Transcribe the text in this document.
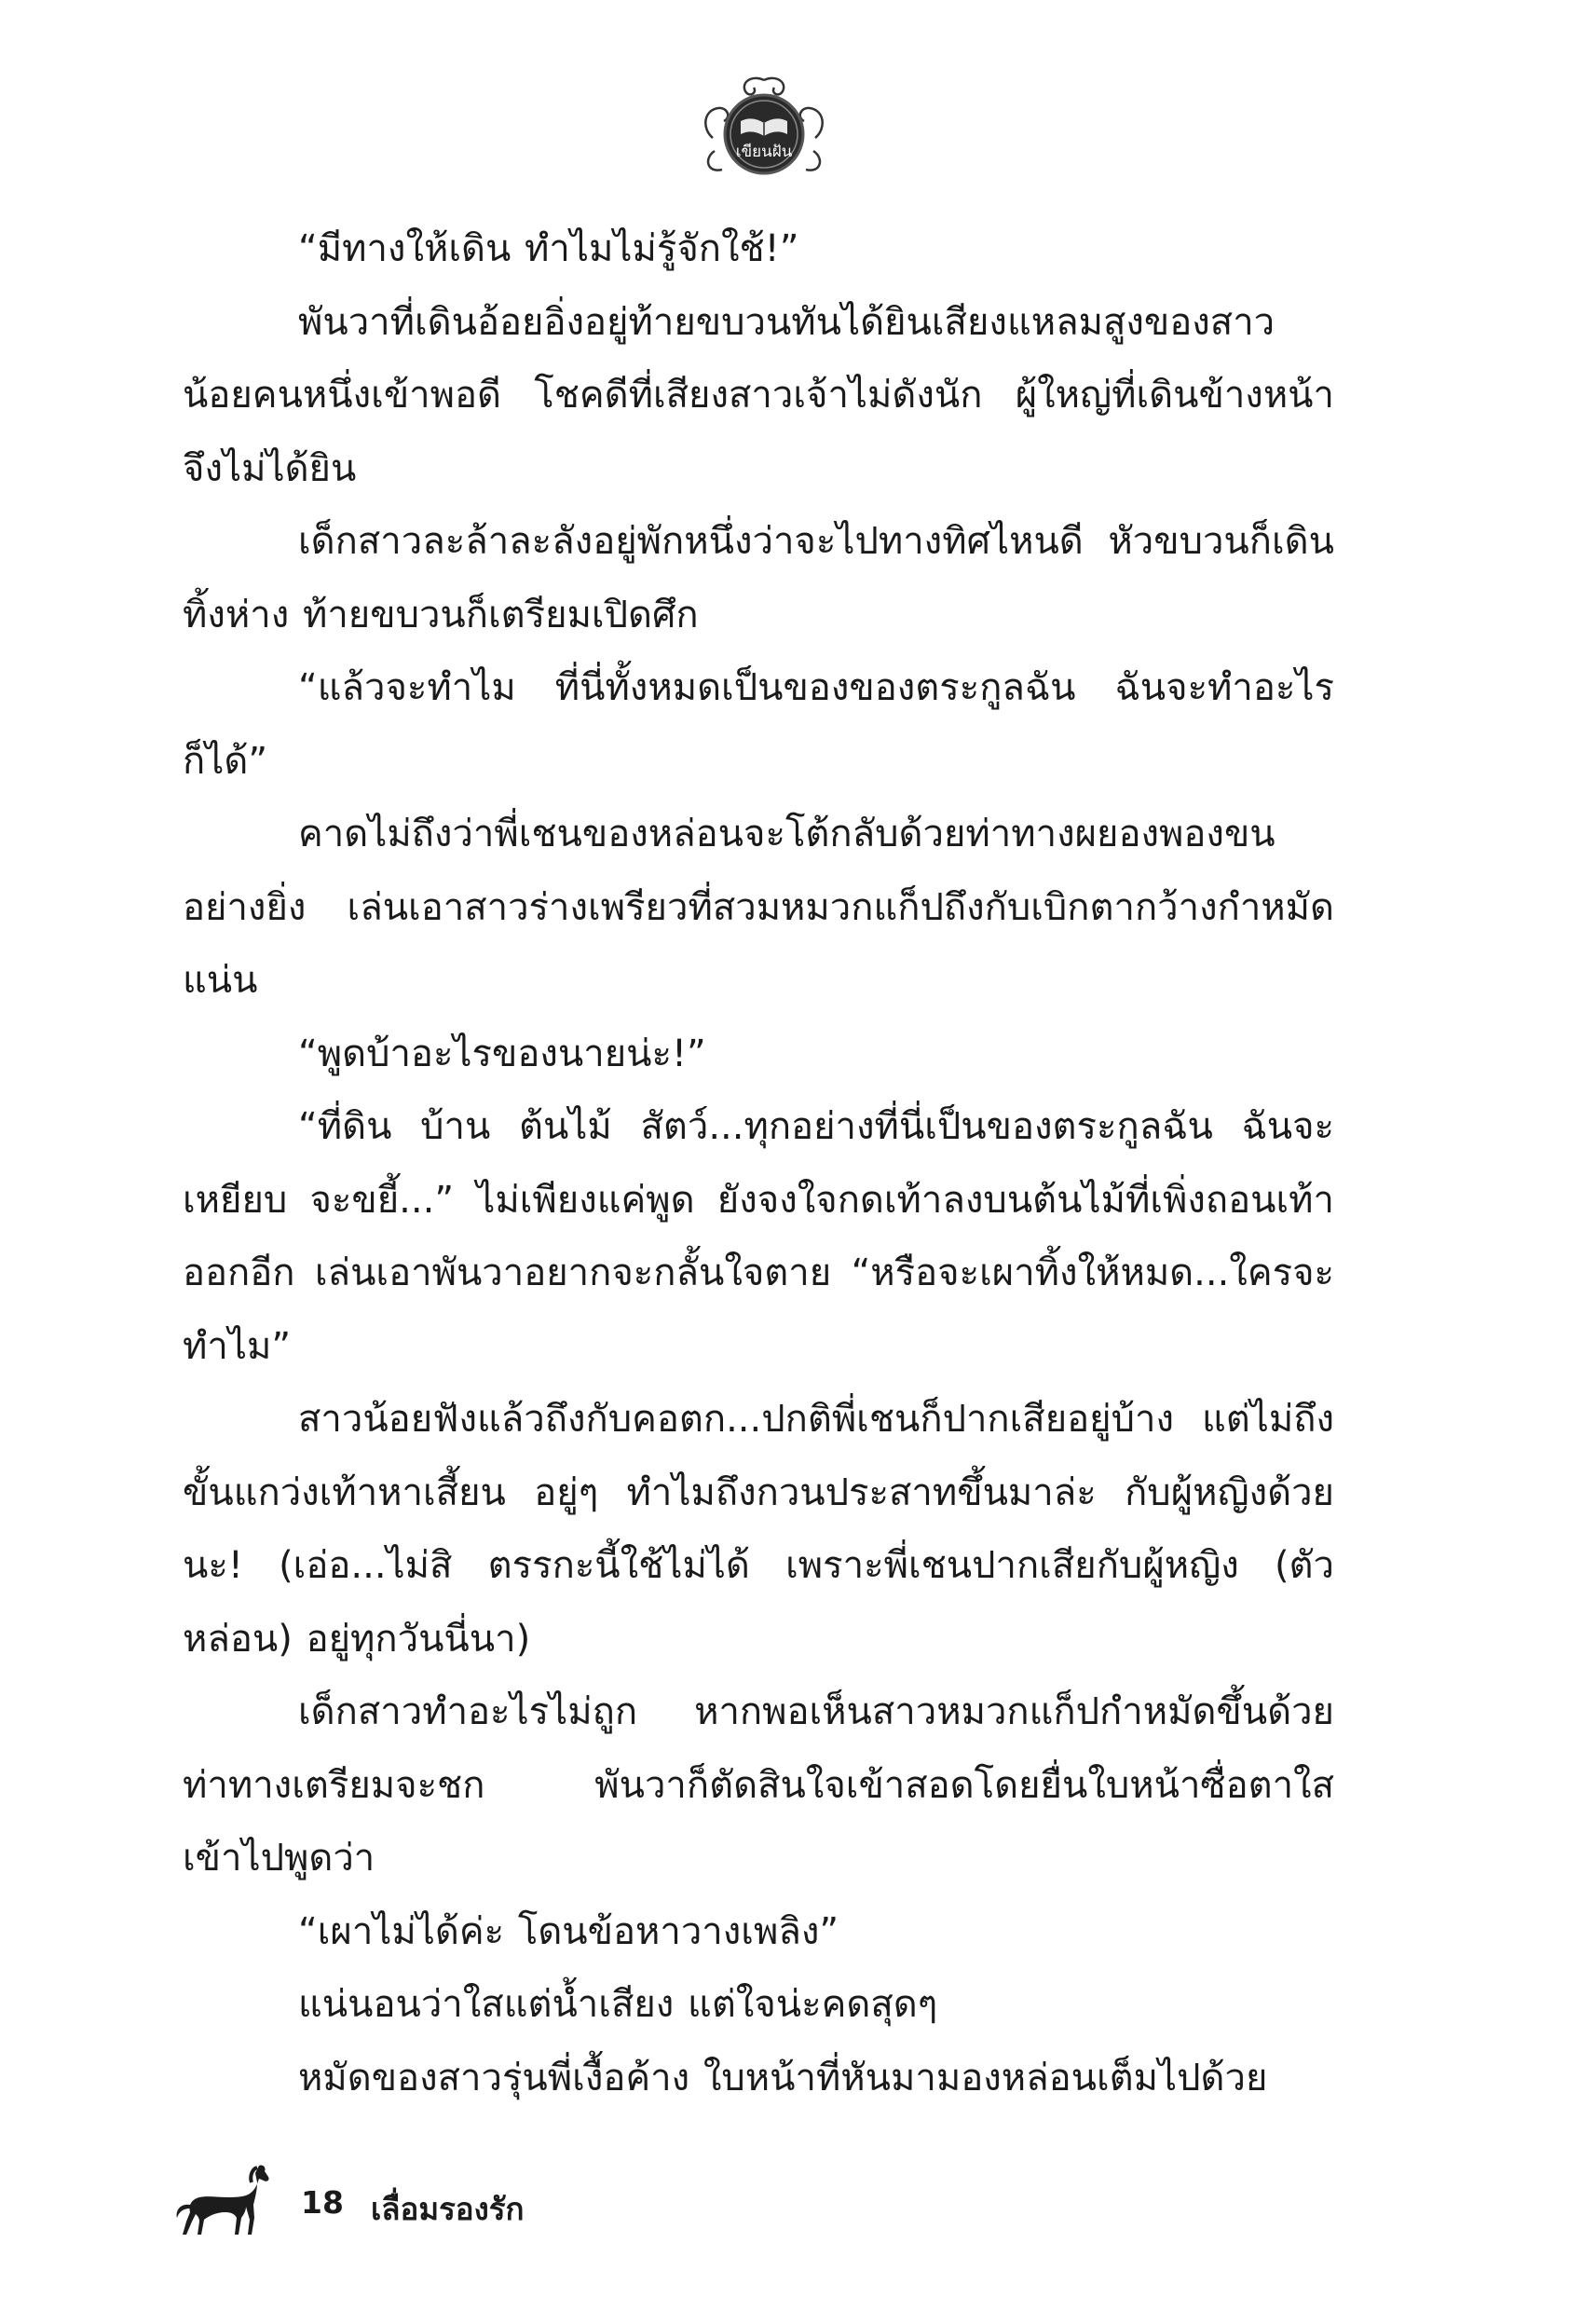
เขียนฝัน

“มีทางให้เดิน ทำไมไม่รู้จักใช้!”

พันวาที่เดินอ้อยอิ่งอยู่ท้ายขบวนทันได้ยินเสียงแหลมสูงของสาวน้อยคนหนึ่งเข้าพอดี โชคดีที่เสียงสาวเจ้าไม่ดังนัก ผู้ใหญ่ที่เดินข้างหน้าจึงไม่ได้ยิน

เด็กสาวละล้าละลังอยู่พักหนึ่งว่าจะไปทางทิศไหนดี หัวขบวนก็เดินทิ้งห่าง ท้ายขบวนก็เตรียมเปิดศึก

“แล้วจะทำไม ที่นี่ทั้งหมดเป็นของของตระกูลฉัน ฉันจะทำอะไรก็ได้”

คาดไม่ถึงว่าพี่เชนของหล่อนจะโต้กลับด้วยท่าทางผยองพองขนอย่างยิ่ง เล่นเอาสาวร่างเพรียวที่สวมหมวกแก็ปถึงกับเบิกตากว้างกำหมัดแน่น

“พูดบ้าอะไรของนายน่ะ!”

“ที่ดิน บ้าน ต้นไม้ สัตว์...ทุกอย่างที่นี่เป็นของตระกูลฉัน ฉันจะเหยียบ จะขยี้...” ไม่เพียงแค่พูด ยังจงใจกดเท้าลงบนต้นไม้ที่เพิ่งถอนเท้าออกอีก เล่นเอาพันวาอยากจะกลั้นใจตาย “หรือจะเผาทิ้งให้หมด...ใครจะทำไม”

สาวน้อยฟังแล้วถึงกับคอตก...ปกติพี่เชนก็ปากเสียอยู่บ้าง แต่ไม่ถึงขั้นแกว่งเท้าหาเสี้ยน อยู่ๆ ทำไมถึงกวนประสาทขึ้นมาล่ะ กับผู้หญิงด้วยนะ! (เอ่อ...ไม่สิ ตรรกะนี้ใช้ไม่ได้ เพราะพี่เชนปากเสียกับผู้หญิง (ตัวหล่อน) อยู่ทุกวันนี่นา)

เด็กสาวทำอะไรไม่ถูก หากพอเห็นสาวหมวกแก็ปกำหมัดขึ้นด้วยท่าทางเตรียมจะชก พันวาก็ตัดสินใจเข้าสอดโดยยื่นใบหน้าซื่อตาใสเข้าไปพูดว่า

“เผาไม่ได้ค่ะ โดนข้อหาวางเพลิง”

แน่นอนว่าใสแต่น้ำเสียง แต่ใจน่ะคดสุดๆ

หมัดของสาวรุ่นพี่เงื้อค้าง ใบหน้าที่หันมามองหล่อนเต็มไปด้วย

18 เลื่อมรองรัก
